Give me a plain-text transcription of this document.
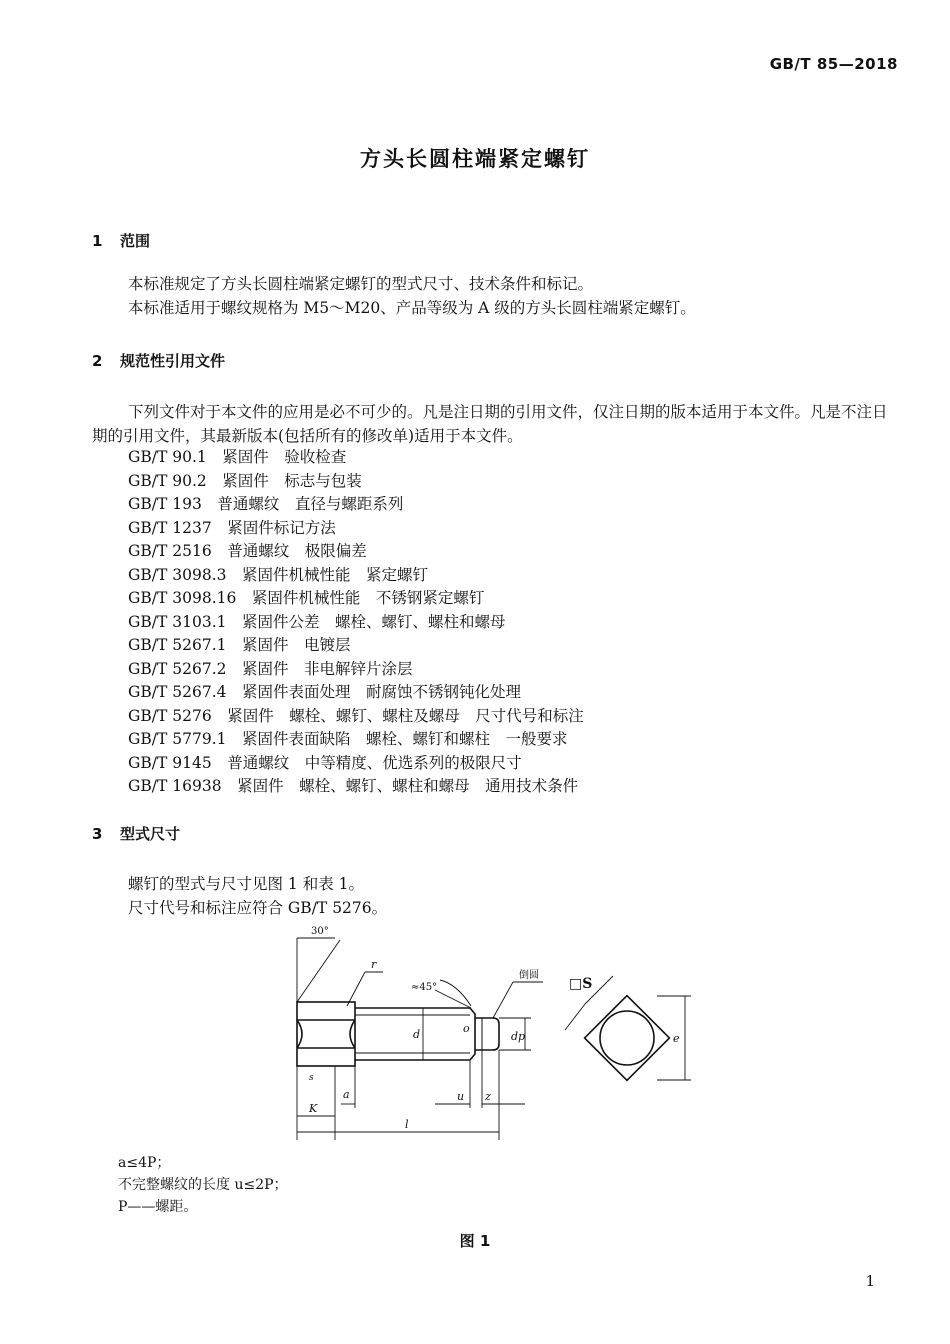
GB/T 85—2018
方头长圆柱端紧定螺钉
1 范围
本标准规定了方头长圆柱端紧定螺钉的型式尺寸、技术条件和标记。
本标准适用于螺纹规格为 M5～M20、产品等级为 A 级的方头长圆柱端紧定螺钉。
2 规范性引用文件
下列文件对于本文件的应用是必不可少的。凡是注日期的引用文件，仅注日期的版本适用于本文件。凡是不注日期的引用文件，其最新版本(包括所有的修改单)适用于本文件。
GB/T 90.1　紧固件　验收检查
GB/T 90.2　紧固件　标志与包装
GB/T 193　普通螺纹　直径与螺距系列
GB/T 1237　紧固件标记方法
GB/T 2516　普通螺纹　极限偏差
GB/T 3098.3　紧固件机械性能　紧定螺钉
GB/T 3098.16　紧固件机械性能　不锈钢紧定螺钉
GB/T 3103.1　紧固件公差　螺栓、螺钉、螺柱和螺母
GB/T 5267.1　紧固件　电镀层
GB/T 5267.2　紧固件　非电解锌片涂层
GB/T 5267.4　紧固件表面处理　耐腐蚀不锈钢钝化处理
GB/T 5276　紧固件　螺栓、螺钉、螺柱及螺母　尺寸代号和标注
GB/T 5779.1　紧固件表面缺陷　螺栓、螺钉和螺柱　一般要求
GB/T 9145　普通螺纹　中等精度、优选系列的极限尺寸
GB/T 16938　紧固件　螺栓、螺钉、螺柱和螺母　通用技术条件
3 型式尺寸
螺钉的型式与尺寸见图 1 和表 1。
尺寸代号和标注应符合 GB/T 5276。
30°
r
≈45°
倒圆
d	o
dp
□S
e
s
a	u z
K
l
a≤4P；
不完整螺纹的长度 u≤2P；
P——螺距。
图 1
1
